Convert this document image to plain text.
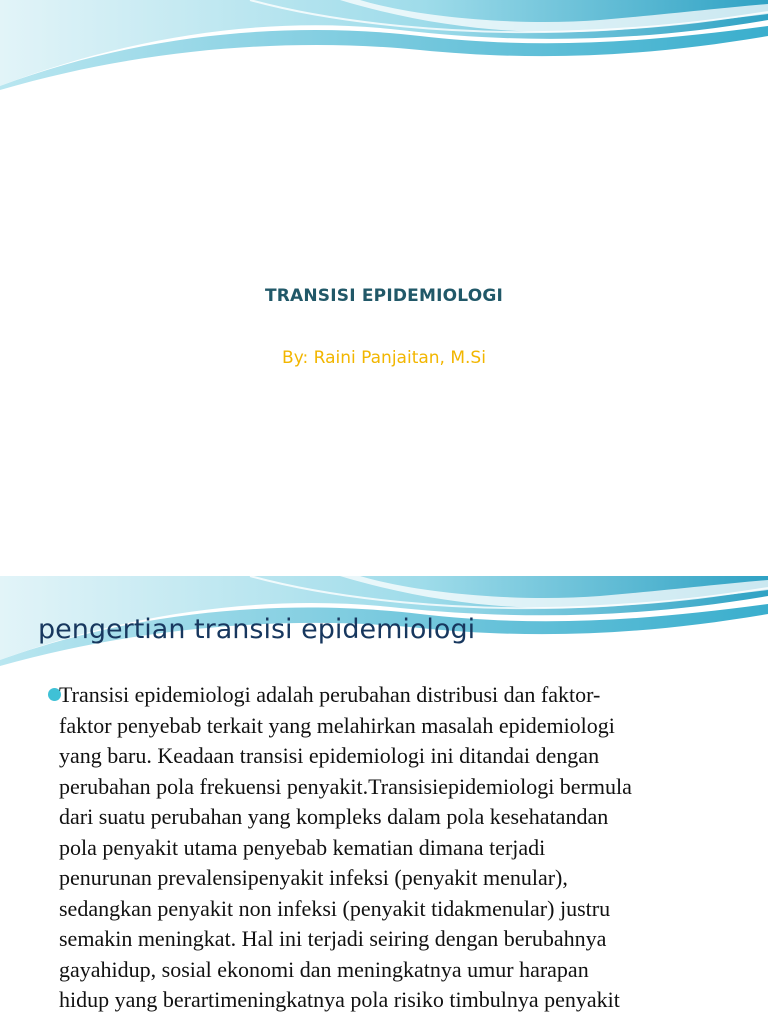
TRANSISI EPIDEMIOLOGI
By: Raini Panjaitan, M.Si
pengertian transisi epidemiologi
Transisi epidemiologi adalah perubahan distribusi dan faktor-
faktor penyebab terkait yang melahirkan masalah epidemiologi
yang baru. Keadaan transisi epidemiologi ini ditandai dengan
perubahan pola frekuensi penyakit.Transisiepidemiologi bermula
dari suatu perubahan yang kompleks dalam pola kesehatandan
pola penyakit utama penyebab kematian dimana terjadi
penurunan prevalensipenyakit infeksi (penyakit menular),
sedangkan penyakit non infeksi (penyakit tidakmenular) justru
semakin meningkat. Hal ini terjadi seiring dengan berubahnya
gayahidup, sosial ekonomi dan meningkatnya umur harapan
hidup yang berartimeningkatnya pola risiko timbulnya penyakit
